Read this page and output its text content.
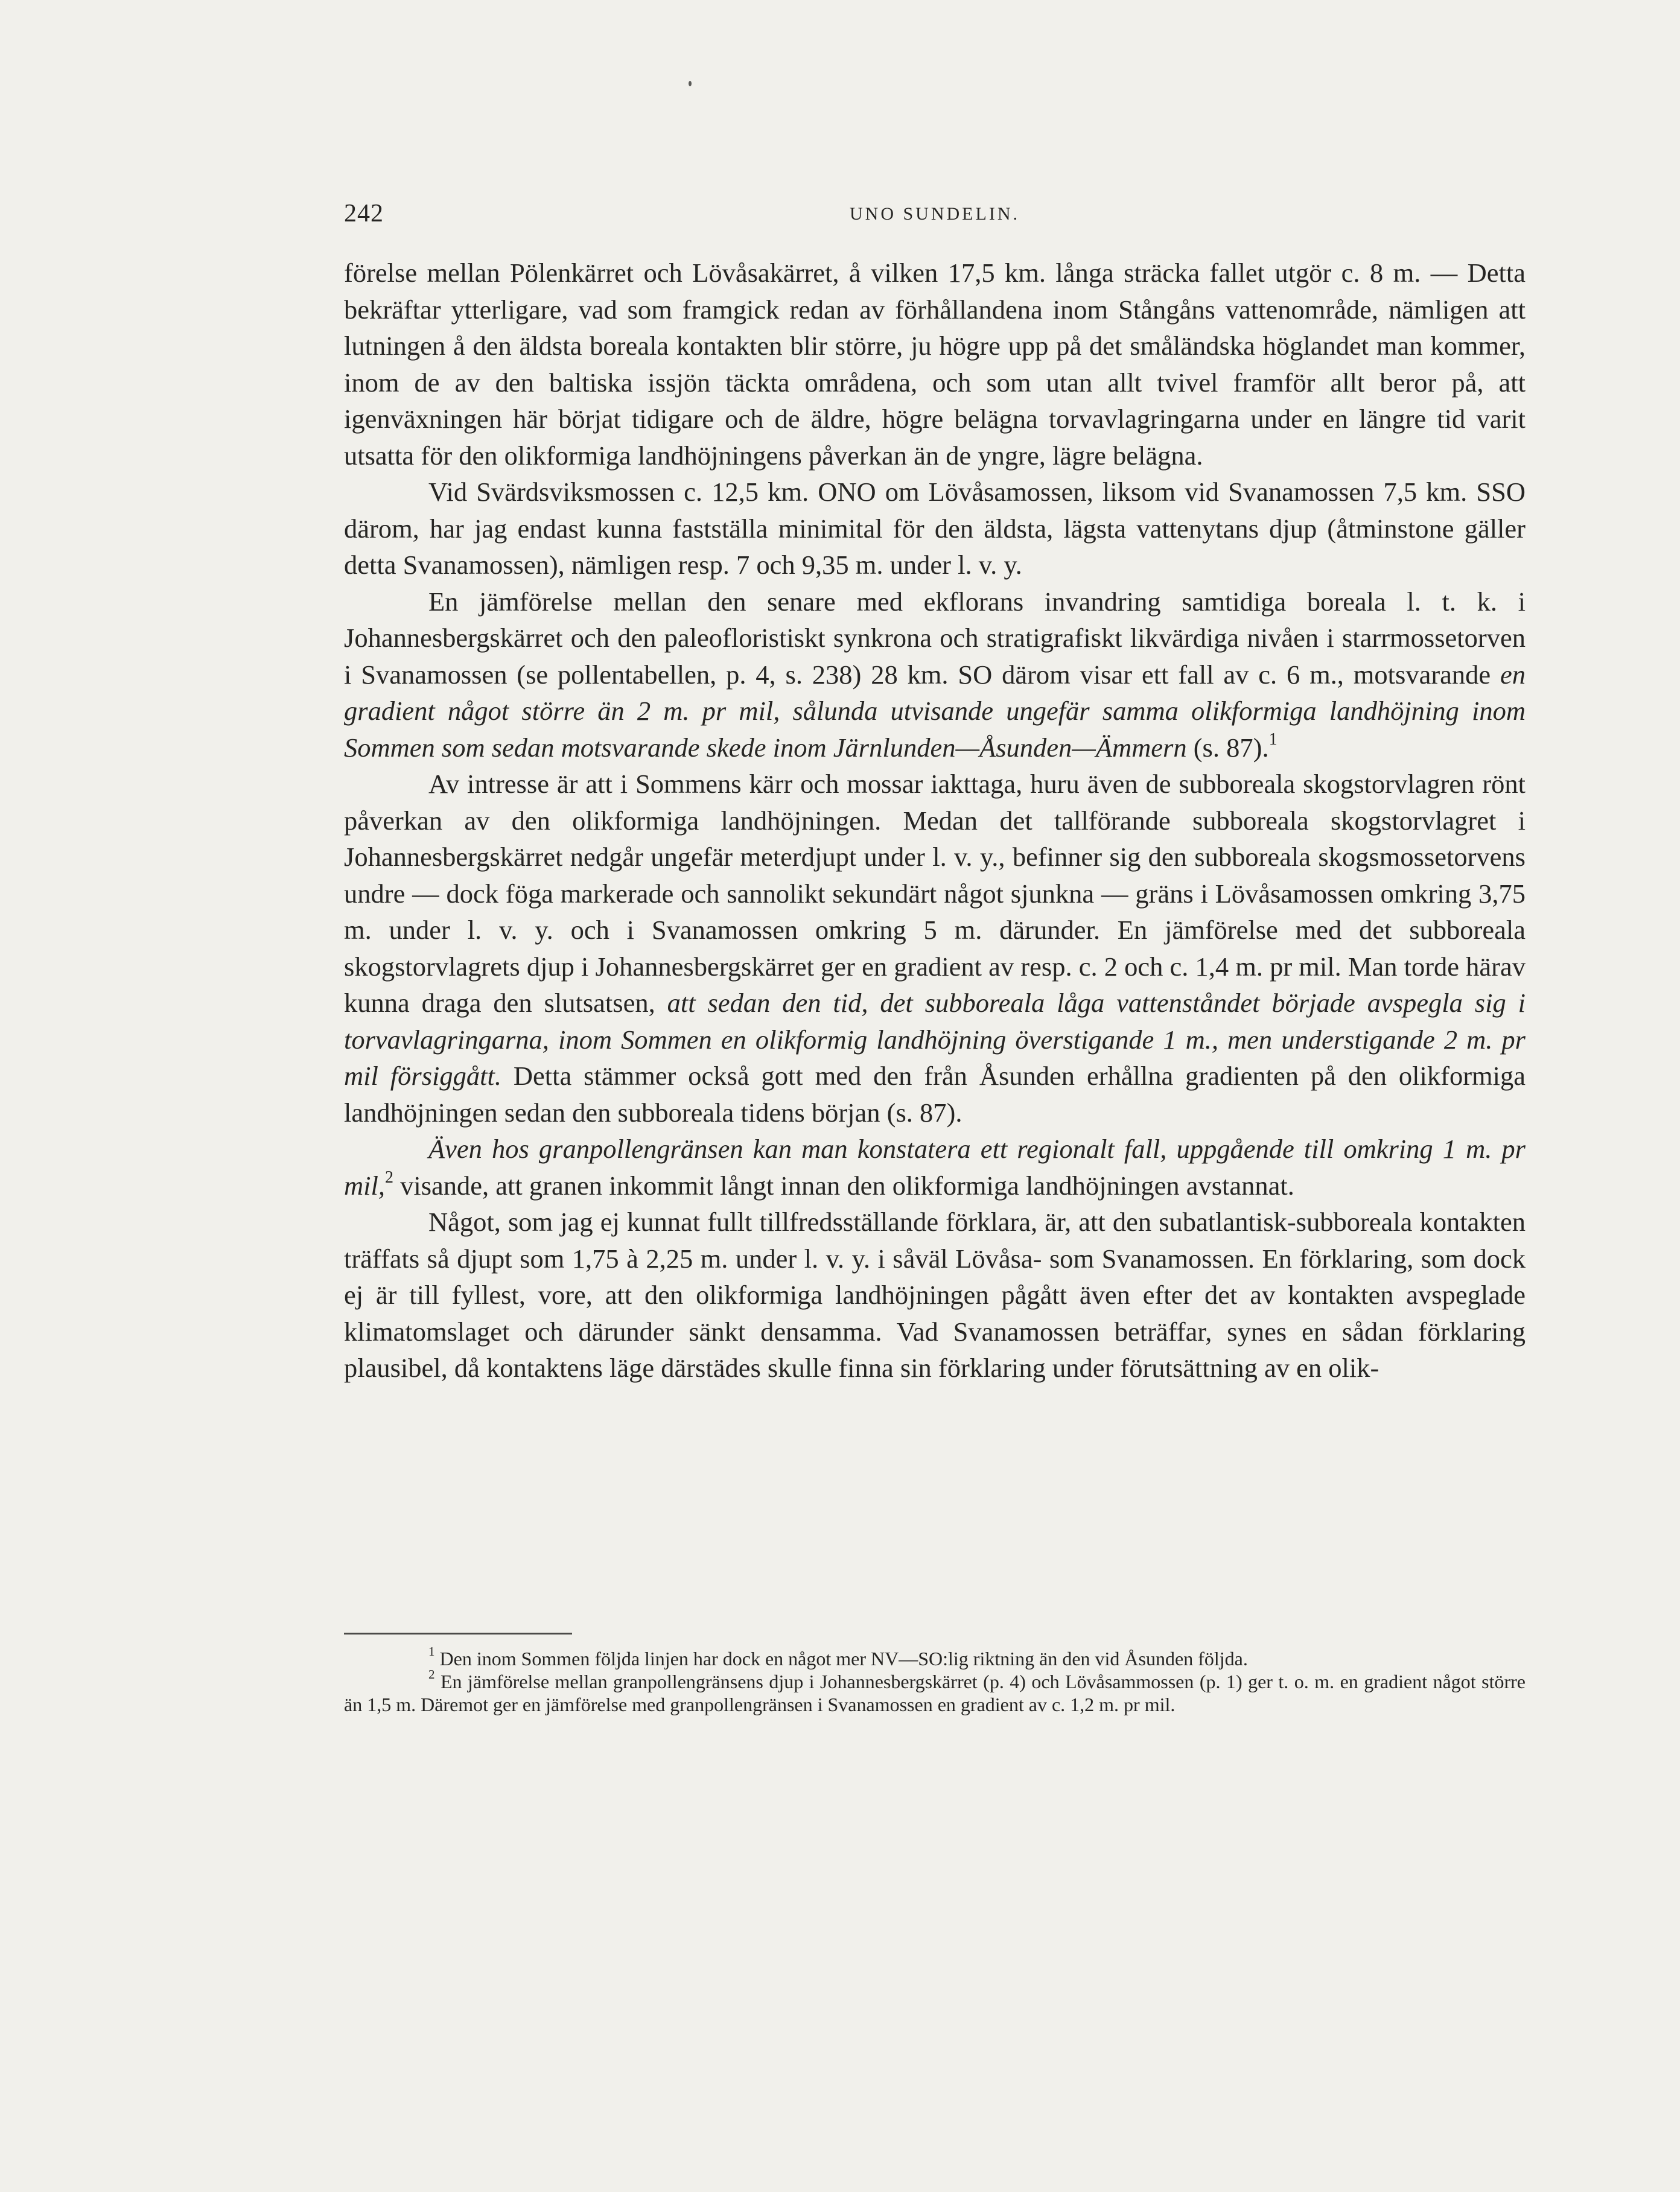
242	UNO SUNDELIN.

förelse mellan Pölenkärret och Lövåsakärret, å vilken 17,5 km. långa sträcka fallet utgör c. 8 m. — Detta bekräftar ytterligare, vad som framgick redan av förhållandena inom Stångåns vattenområde, nämligen att lutningen å den äldsta boreala kontakten blir större, ju högre upp på det småländska höglandet man kommer, inom de av den baltiska issjön täckta områdena, och som utan allt tvivel framför allt beror på, att igenväxningen här börjat tidigare och de äldre, högre belägna torvavlagringarna under en längre tid varit utsatta för den olikformiga landhöjningens påverkan än de yngre, lägre belägna.

Vid Svärdsviksmossen c. 12,5 km. ONO om Lövåsamossen, liksom vid Svanamossen 7,5 km. SSO därom, har jag endast kunna fastställa minimital för den äldsta, lägsta vattenytans djup (åtminstone gäller detta Svanamossen), nämligen resp. 7 och 9,35 m. under l. v. y.

En jämförelse mellan den senare med ekflorans invandring samtidiga boreala l. t. k. i Johannesbergskärret och den paleofloristiskt synkrona och stratigrafiskt likvärdiga nivåen i starrmossetorven i Svanamossen (se pollentabellen, p. 4, s. 238) 28 km. SO därom visar ett fall av c. 6 m., motsvarande en gradient något större än 2 m. pr mil, sålunda utvisande ungefär samma olikformiga landhöjning inom Sommen som sedan motsvarande skede inom Järnlunden—Åsunden—Ämmern (s. 87).$^1$

Av intresse är att i Sommens kärr och mossar iakttaga, huru även de subboreala skogstorvlagren rönt påverkan av den olikformiga landhöjningen. Medan det tallförande subboreala skogstorvlagret i Johannesbergskärret nedgår ungefär meterdjupt under l. v. y., befinner sig den subboreala skogsmossetorvens undre — dock föga markerade och sannolikt sekundärt något sjunkna — gräns i Lövåsamossen omkring 3,75 m. under l. v. y. och i Svanamossen omkring 5 m. därunder. En jämförelse med det subboreala skogstorvlagrets djup i Johannesbergskärret ger en gradient av resp. c. 2 och c. 1,4 m. pr mil. Man torde härav kunna draga den slutsatsen, att sedan den tid, det subboreala låga vattenståndet började avspegla sig i torvavlagringarna, inom Sommen en olikformig landhöjning överstigande 1 m., men understigande 2 m. pr mil försiggått. Detta stämmer också gott med den från Åsunden erhållna gradienten på den olikformiga landhöjningen sedan den subboreala tidens början (s. 87).

Även hos granpollengränsen kan man konstatera ett regionalt fall, uppgående till omkring 1 m. pr mil,$^2$ visande, att granen inkommit långt innan den olikformiga landhöjningen avstannat.

Något, som jag ej kunnat fullt tillfredsställande förklara, är, att den subatlantisk-subboreala kontakten träffats så djupt som 1,75 à 2,25 m. under l. v. y. i såväl Lövåsa- som Svanamossen. En förklaring, som dock ej är till fyllest, vore, att den olikformiga landhöjningen pågått även efter det av kontakten avspeglade klimatomslaget och därunder sänkt densamma. Vad Svanamossen beträffar, synes en sådan förklaring plausibel, då kontaktens läge därstädes skulle finna sin förklaring under förutsättning av en olik-

$^1$ Den inom Sommen följda linjen har dock en något mer NV—SO:lig riktning än den vid Åsunden följda.

$^2$ En jämförelse mellan granpollengränsens djup i Johannesbergskärret (p. 4) och Lövåsammossen (p. 1) ger t. o. m. en gradient något större än 1,5 m. Däremot ger en jämförelse med granpollengränsen i Svanamossen en gradient av c. 1,2 m. pr mil.
